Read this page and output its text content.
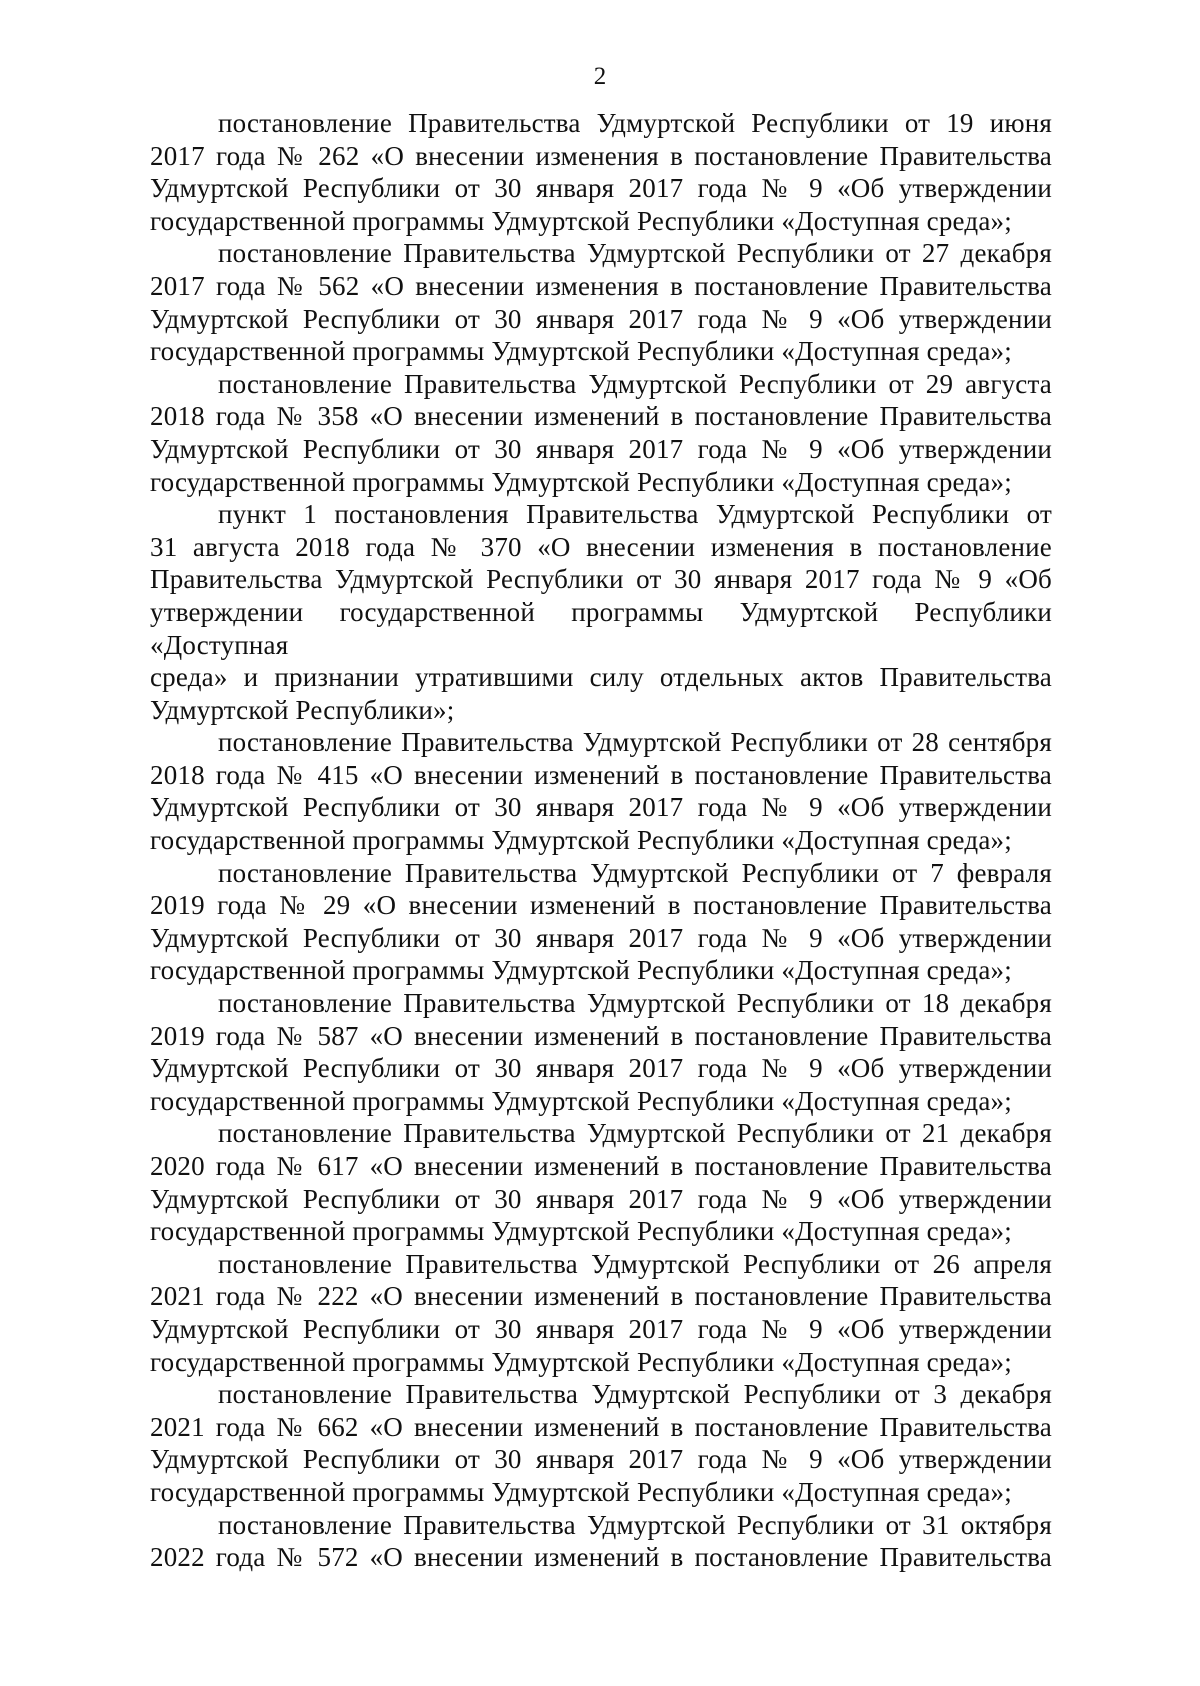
2
постановление Правительства Удмуртской Республики от 19 июня
2017 года № 262 «О внесении изменения в постановление Правительства
Удмуртской Республики от 30 января 2017 года № 9 «Об утверждении
государственной программы Удмуртской Республики «Доступная среда»;
постановление Правительства Удмуртской Республики от 27 декабря
2017 года № 562 «О внесении изменения в постановление Правительства
Удмуртской Республики от 30 января 2017 года № 9 «Об утверждении
государственной программы Удмуртской Республики «Доступная среда»;
постановление Правительства Удмуртской Республики от 29 августа
2018 года № 358 «О внесении изменений в постановление Правительства
Удмуртской Республики от 30 января 2017 года № 9 «Об утверждении
государственной программы Удмуртской Республики «Доступная среда»;
пункт 1 постановления Правительства Удмуртской Республики от
31 августа 2018 года № 370 «О внесении изменения в постановление
Правительства Удмуртской Республики от 30 января 2017 года № 9 «Об
утверждении государственной программы Удмуртской Республики «Доступная
среда» и признании утратившими силу отдельных актов Правительства
Удмуртской Республики»;
постановление Правительства Удмуртской Республики от 28 сентября
2018 года № 415 «О внесении изменений в постановление Правительства
Удмуртской Республики от 30 января 2017 года № 9 «Об утверждении
государственной программы Удмуртской Республики «Доступная среда»;
постановление Правительства Удмуртской Республики от 7 февраля
2019 года № 29 «О внесении изменений в постановление Правительства
Удмуртской Республики от 30 января 2017 года № 9 «Об утверждении
государственной программы Удмуртской Республики «Доступная среда»;
постановление Правительства Удмуртской Республики от 18 декабря
2019 года № 587 «О внесении изменений в постановление Правительства
Удмуртской Республики от 30 января 2017 года № 9 «Об утверждении
государственной программы Удмуртской Республики «Доступная среда»;
постановление Правительства Удмуртской Республики от 21 декабря
2020 года № 617 «О внесении изменений в постановление Правительства
Удмуртской Республики от 30 января 2017 года № 9 «Об утверждении
государственной программы Удмуртской Республики «Доступная среда»;
постановление Правительства Удмуртской Республики от 26 апреля
2021 года № 222 «О внесении изменений в постановление Правительства
Удмуртской Республики от 30 января 2017 года № 9 «Об утверждении
государственной программы Удмуртской Республики «Доступная среда»;
постановление Правительства Удмуртской Республики от 3 декабря
2021 года № 662 «О внесении изменений в постановление Правительства
Удмуртской Республики от 30 января 2017 года № 9 «Об утверждении
государственной программы Удмуртской Республики «Доступная среда»;
постановление Правительства Удмуртской Республики от 31 октября
2022 года № 572 «О внесении изменений в постановление Правительства
